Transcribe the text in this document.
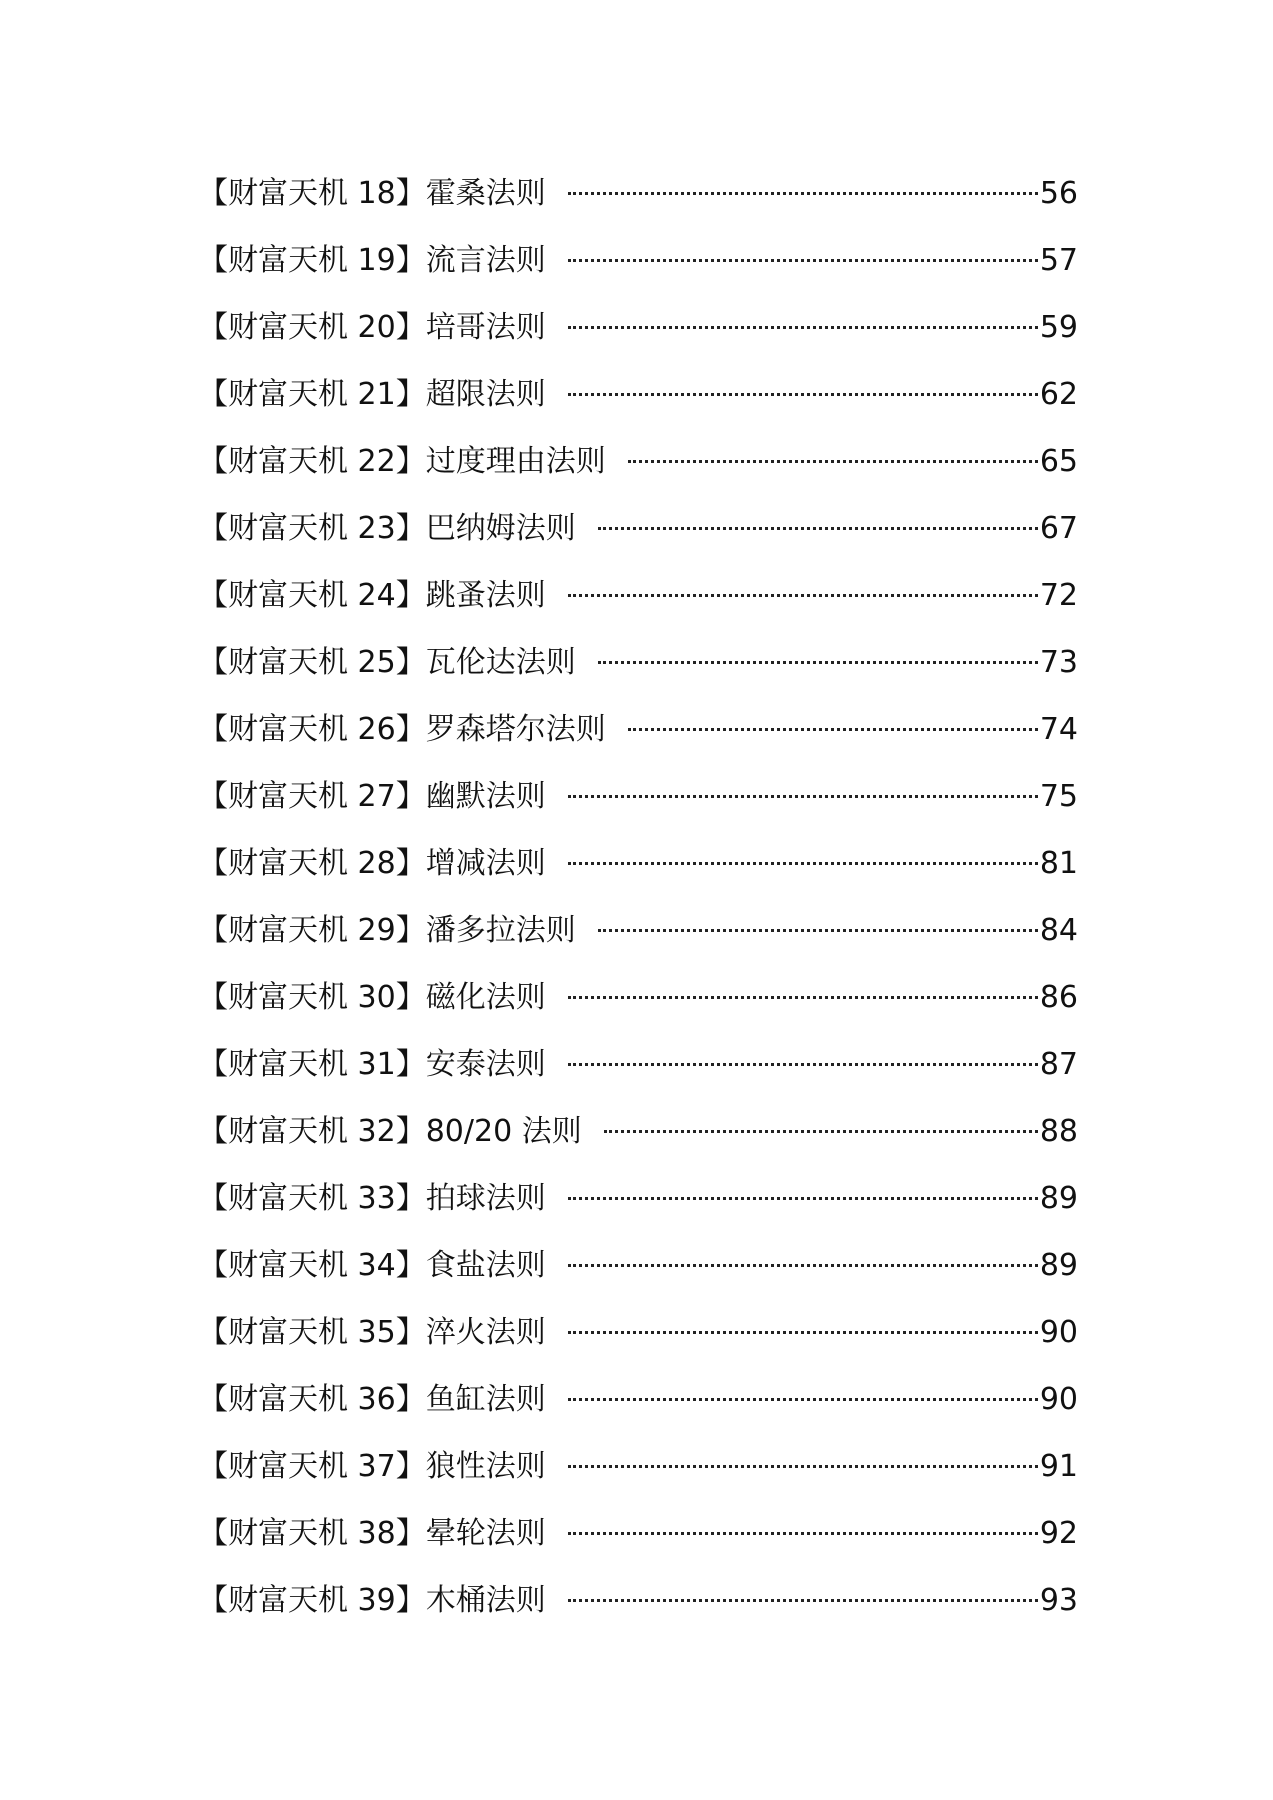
【财富天机 18】霍桑法则	56
【财富天机 19】流言法则	57
【财富天机 20】培哥法则	59
【财富天机 21】超限法则	62
【财富天机 22】过度理由法则	65
【财富天机 23】巴纳姆法则	67
【财富天机 24】跳蚤法则	72
【财富天机 25】瓦伦达法则	73
【财富天机 26】罗森塔尔法则	74
【财富天机 27】幽默法则	75
【财富天机 28】增减法则	81
【财富天机 29】潘多拉法则	84
【财富天机 30】磁化法则	86
【财富天机 31】安泰法则	87
【财富天机 32】80/20 法则	88
【财富天机 33】拍球法则	89
【财富天机 34】食盐法则	89
【财富天机 35】淬火法则	90
【财富天机 36】鱼缸法则	90
【财富天机 37】狼性法则	91
【财富天机 38】晕轮法则	92
【财富天机 39】木桶法则	93
